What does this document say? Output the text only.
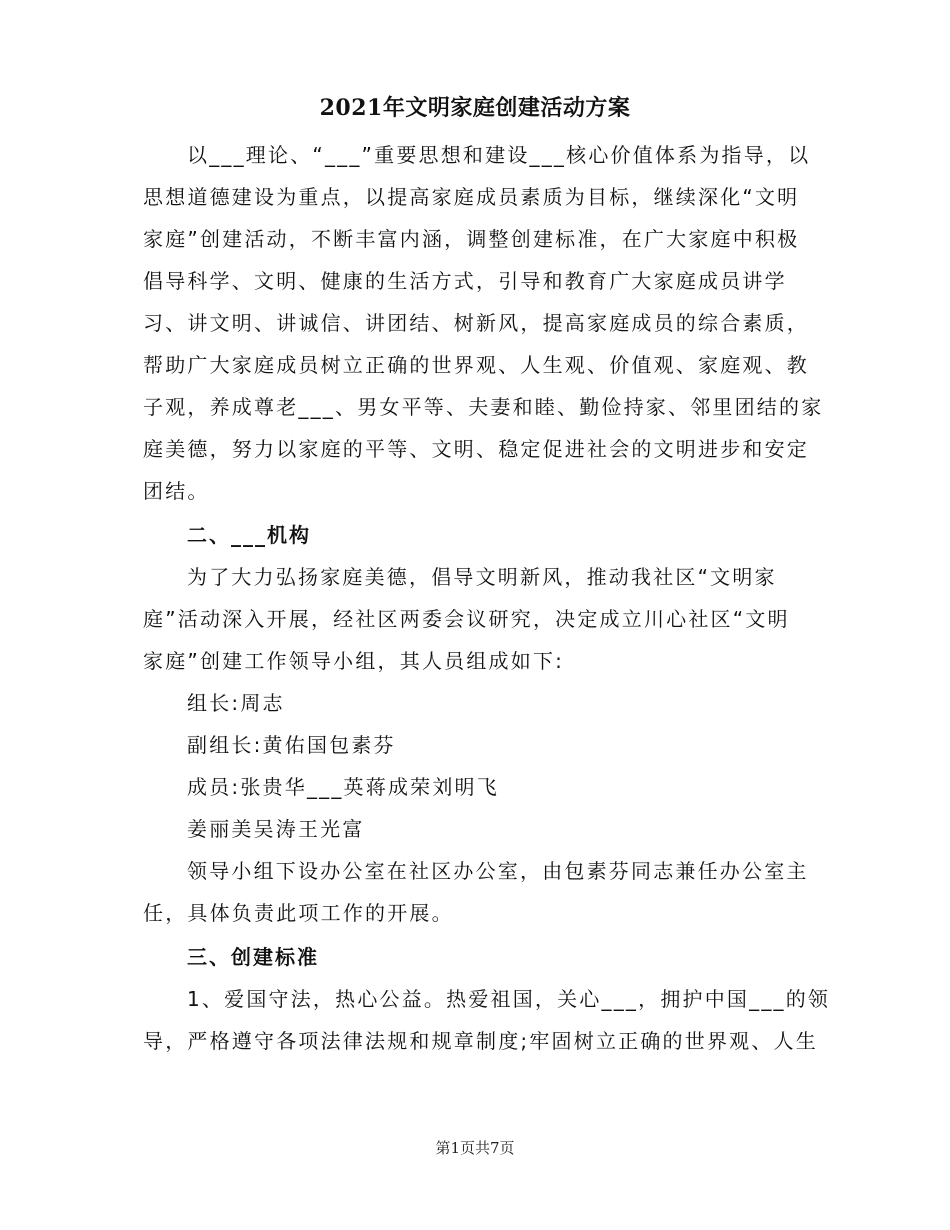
2021年文明家庭创建活动方案
以___理论、“___”重要思想和建设___核心价值体系为指导，以
思想道德建设为重点，以提高家庭成员素质为目标，继续深化“文明
家庭”创建活动，不断丰富内涵，调整创建标准，在广大家庭中积极
倡导科学、文明、健康的生活方式，引导和教育广大家庭成员讲学
习、讲文明、讲诚信、讲团结、树新风，提高家庭成员的综合素质，
帮助广大家庭成员树立正确的世界观、人生观、价值观、家庭观、教
子观，养成尊老___、男女平等、夫妻和睦、勤俭持家、邻里团结的家
庭美德，努力以家庭的平等、文明、稳定促进社会的文明进步和安定
团结。
二、___机构
为了大力弘扬家庭美德，倡导文明新风，推动我社区“文明家
庭”活动深入开展，经社区两委会议研究，决定成立川心社区“文明
家庭”创建工作领导小组，其人员组成如下:
组长:周志
副组长:黄佑国包素芬
成员:张贵华___英蒋成荣刘明飞
姜丽美吴涛王光富
领导小组下设办公室在社区办公室，由包素芬同志兼任办公室主
任，具体负责此项工作的开展。
三、创建标准
1、爱国守法，热心公益。热爱祖国，关心___，拥护中国___的领
导，严格遵守各项法律法规和规章制度;牢固树立正确的世界观、人生
第1页共7页
